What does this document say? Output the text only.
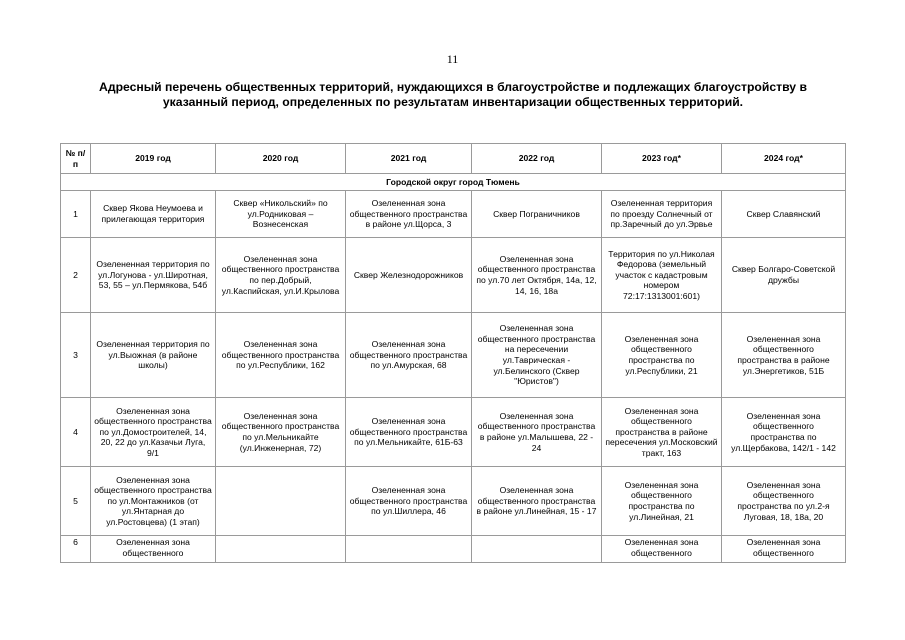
11
Адресный перечень общественных территорий, нуждающихся в благоустройстве и подлежащих благоустройству в указанный период, определенных по результатам инвентаризации общественных территорий.
№ п/п	2019 год	2020 год	2021 год	2022 год	2023 год*	2024 год*
Городской округ город Тюмень						
1	Сквер Якова Неумоева и прилегающая территория	Сквер «Никольский» по ул.Родниковая – Вознесенская	Озелененная зона общественного пространства в районе ул.Щорса, 3	Сквер Пограничников	Озелененная территория по проезду Солнечный от пр.Заречный до ул.Эрвье	Сквер Славянский
2	Озелененная территория по ул.Логунова - ул.Широтная, 53, 55 – ул.Пермякова, 54б	Озелененная зона общественного пространства по пер.Добрый, ул.Каспийская, ул.И.Крылова	Сквер Железнодорожников	Озелененная зона общественного пространства по ул.70 лет Октября, 14а, 12, 14, 16, 18а	Территория по ул.Николая Федорова (земельный участок с кадастровым номером 72:17:1313001:601)	Сквер Болгаро-Советской дружбы
3	Озелененная территория по ул.Выожная (в районе школы)	Озелененная зона общественного пространства по ул.Республики, 162	Озелененная зона общественного пространства по ул.Амурская, 68	Озелененная зона общественного пространства на пересечении ул.Таврическая - ул.Белинского (Сквер "Юристов")	Озелененная зона общественного пространства по ул.Республики, 21	Озелененная зона общественного пространства в районе ул.Энергетиков, 51Б
4	Озелененная зона общественного пространства по ул.Домостроителей, 14, 20, 22 до ул.Казачьи Луга, 9/1	Озелененная зона общественного пространства по ул.Мельникайте (ул.Инженерная, 72)	Озелененная зона общественного пространства по ул.Мельникайте, 61Б-63	Озелененная зона общественного пространства в районе ул.Малышева, 22 - 24	Озелененная зона общественного пространства в районе пересечения ул.Московский тракт, 163	Озелененная зона общественного пространства по ул.Щербакова, 142/1 - 142
5	Озелененная зона общественного пространства по ул.Монтажников (от ул.Янтарная до ул.Ростовцева) (1 этап)		Озелененная зона общественного пространства по ул.Шиллера, 46	Озелененная зона общественного пространства в районе ул.Линейная, 15 - 17	Озелененная зона общественного пространства по ул.Линейная, 21	Озелененная зона общественного пространства по ул.2-я Луговая, 18, 18а, 20
6	Озелененная зона общественного				Озелененная зона общественного	Озелененная зона общественного
